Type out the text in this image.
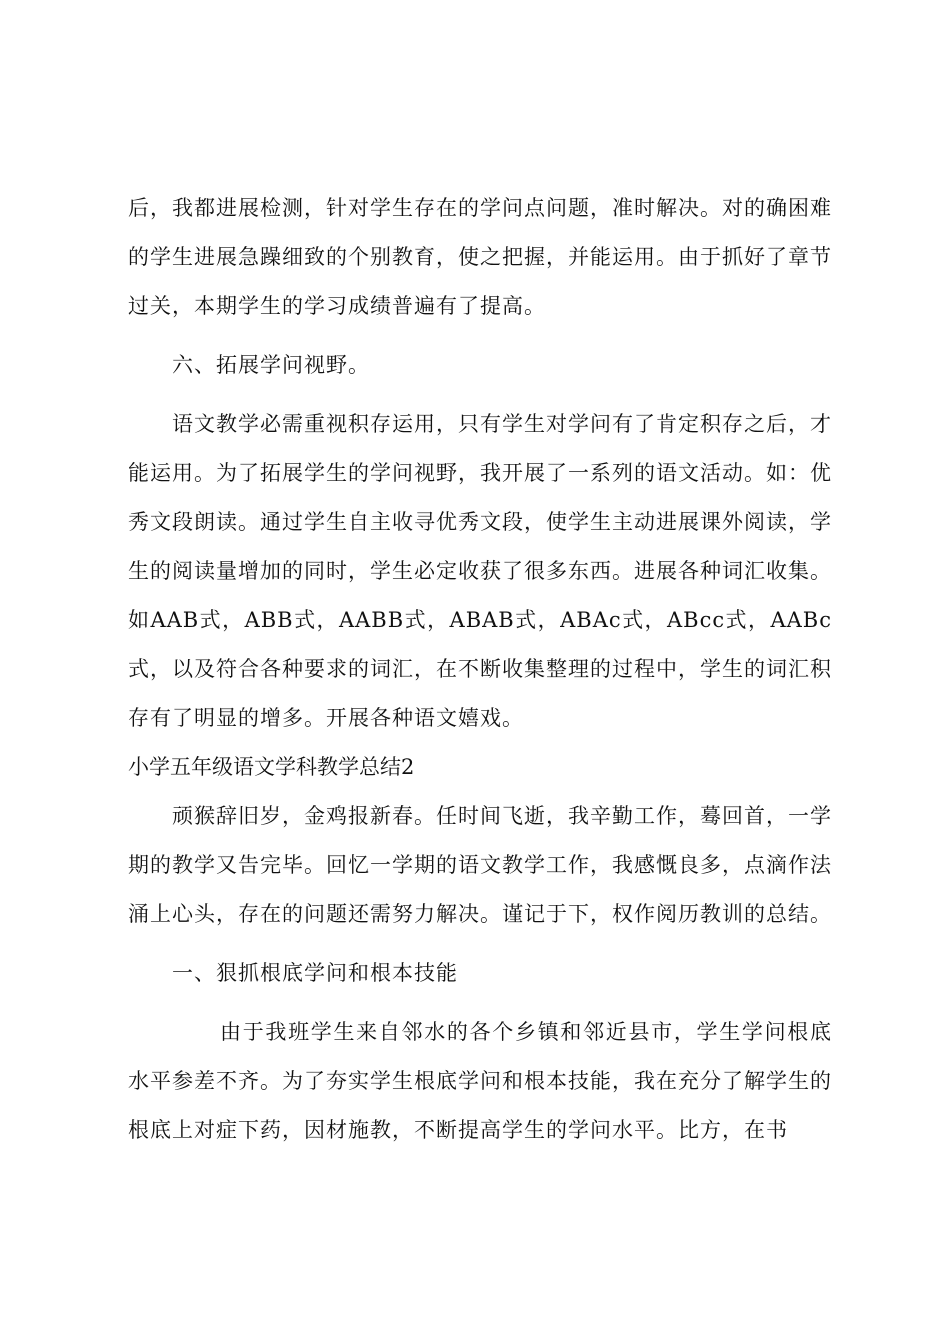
后，我都进展检测，针对学生存在的学问点问题，准时解决。对的确困难的学生进展急躁细致的个别教育，使之把握，并能运用。由于抓好了章节过关，本期学生的学习成绩普遍有了提高。

六、拓展学问视野。

语文教学必需重视积存运用，只有学生对学问有了肯定积存之后，才能运用。为了拓展学生的学问视野，我开展了一系列的语文活动。如：优秀文段朗读。通过学生自主收寻优秀文段，使学生主动进展课外阅读，学生的阅读量增加的同时，学生必定收获了很多东西。进展各种词汇收集。如AAB式，ABB式，AABB式，ABAB式，ABAc式，ABcc式，AABc式，以及符合各种要求的词汇，在不断收集整理的过程中，学生的词汇积存有了明显的增多。开展各种语文嬉戏。

小学五年级语文学科教学总结2

顽猴辞旧岁，金鸡报新春。任时间飞逝，我辛勤工作，蓦回首，一学期的教学又告完毕。回忆一学期的语文教学工作，我感慨良多，点滴作法涌上心头，存在的问题还需努力解决。谨记于下，权作阅历教训的总结。

一、狠抓根底学问和根本技能

由于我班学生来自邻水的各个乡镇和邻近县市，学生学问根底水平参差不齐。为了夯实学生根底学问和根本技能，我在充分了解学生的根底上对症下药，因材施教，不断提高学生的学问水平。比方，在书
